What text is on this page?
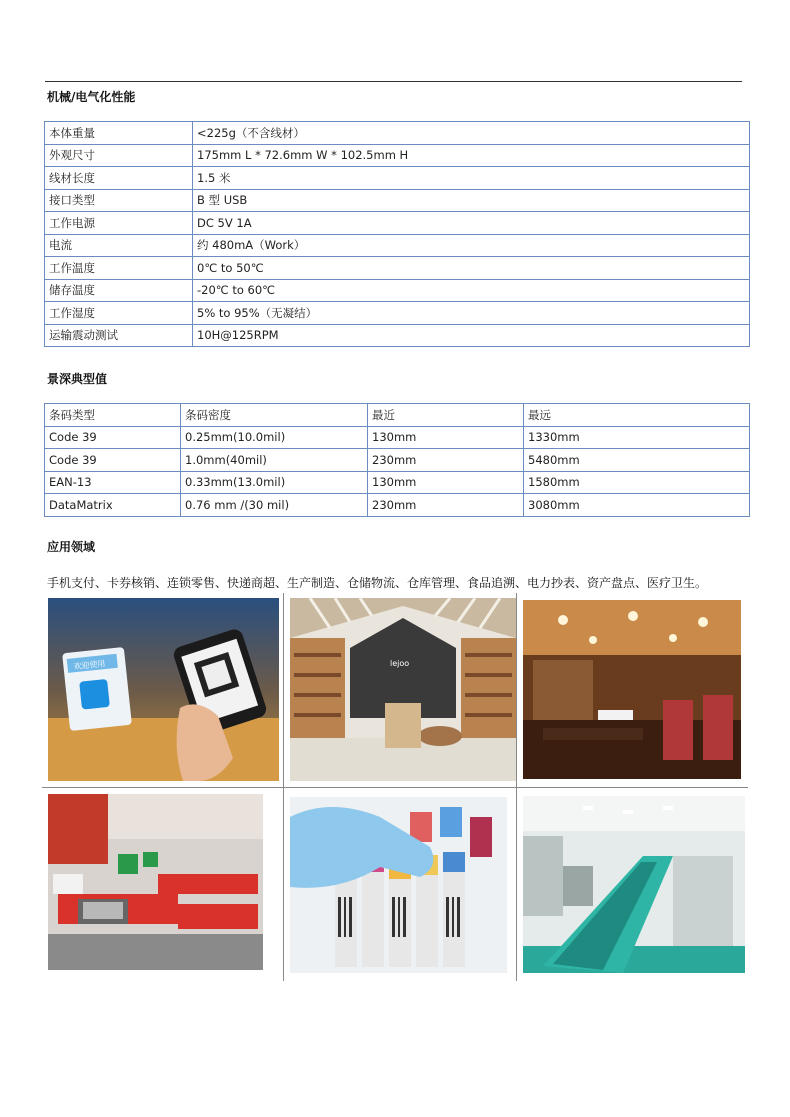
机械/电气化性能
本体重量	<225g（不含线材）
外观尺寸	175mm L * 72.6mm W * 102.5mm H
线材长度	1.5 米
接口类型	B 型 USB
工作电源	DC 5V 1A
电流	约 480mA（Work）
工作温度	0℃ to 50℃
储存温度	-20℃ to 60℃
工作湿度	5% to 95%（无凝结）
运输震动测试	10H@125RPM
景深典型值
条码类型	条码密度	最近	最远
Code 39	0.25mm(10.0mil)	130mm	1330mm
Code 39	1.0mm(40mil)	230mm	5480mm
EAN-13	0.33mm(13.0mil)	130mm	1580mm
DataMatrix	0.76 mm /(30 mil)	230mm	3080mm
应用领域
手机支付、卡券核销、连锁零售、快递商超、生产制造、仓储物流、仓库管理、食品追溯、电力抄表、资产盘点、医疗卫生。
欢迎使用	lejoo
